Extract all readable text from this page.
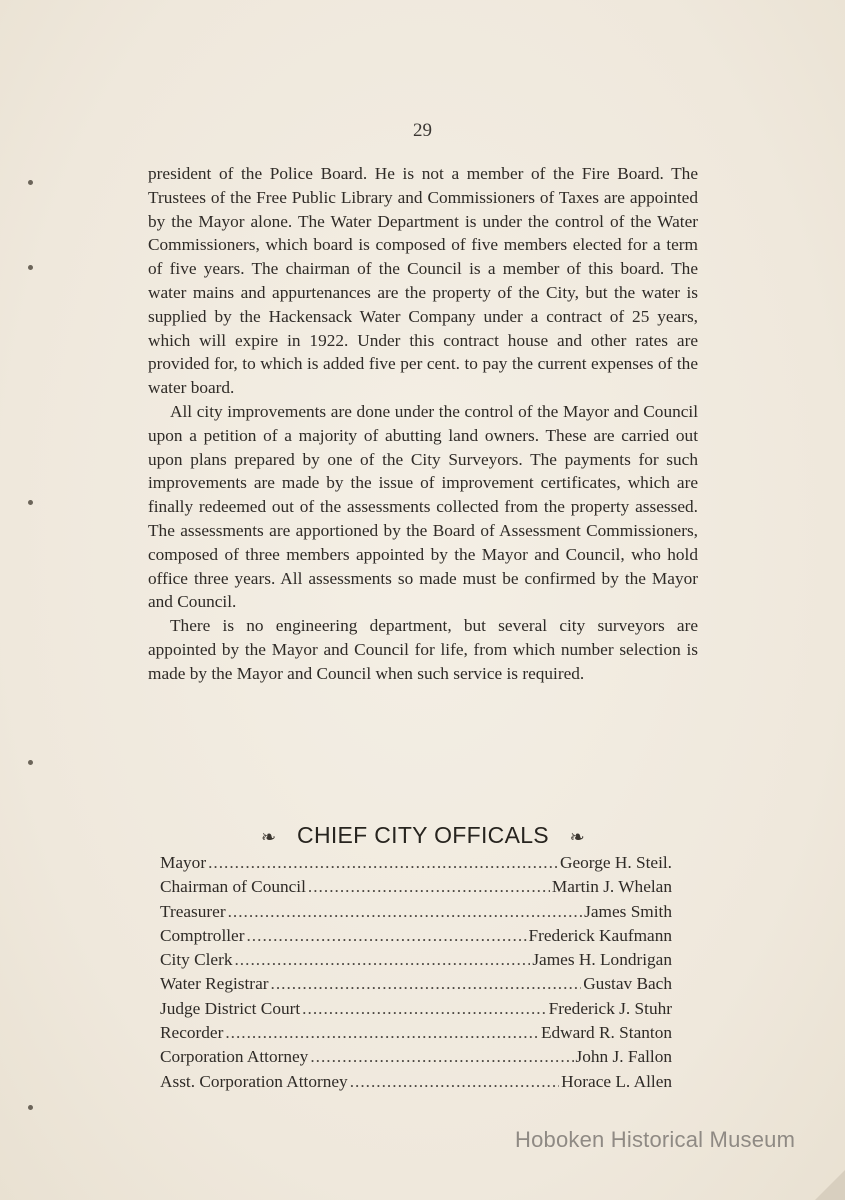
29

president of the Police Board. He is not a member of the Fire Board. The Trustees of the Free Public Library and Commissioners of Taxes are appointed by the Mayor alone. The Water Department is under the control of the Water Commissioners, which board is composed of five members elected for a term of five years. The chairman of the Council is a member of this board. The water mains and appurtenances are the property of the City, but the water is supplied by the Hackensack Water Company under a contract of 25 years, which will expire in 1922. Under this contract house and other rates are provided for, to which is added five per cent. to pay the current expenses of the water board.

All city improvements are done under the control of the Mayor and Council upon a petition of a majority of abutting land owners. These are carried out upon plans prepared by one of the City Surveyors. The payments for such improvements are made by the issue of improvement certificates, which are finally redeemed out of the assessments collected from the property assessed. The assessments are apportioned by the Board of Assessment Commissioners, composed of three members appointed by the Mayor and Council, who hold office three years. All assessments so made must be confirmed by the Mayor and Council.

There is no engineering department, but several city surveyors are appointed by the Mayor and Council for life, from which number selection is made by the Mayor and Council when such service is required.

❧ CHIEF CITY OFFICALS ❧
Mayor .....	George H. Steil.
Chairman of Council .....	Martin J. Whelan
Treasurer .....	James Smith
Comptroller .....	Frederick Kaufmann
City Clerk .....	James H. Londrigan
Water Registrar .....	Gustav Bach
Judge District Court .....	Frederick J. Stuhr
Recorder .....	Edward R. Stanton
Corporation Attorney .....	John J. Fallon
Asst. Corporation Attorney .....	Horace L. Allen
Hoboken Historical Museum
